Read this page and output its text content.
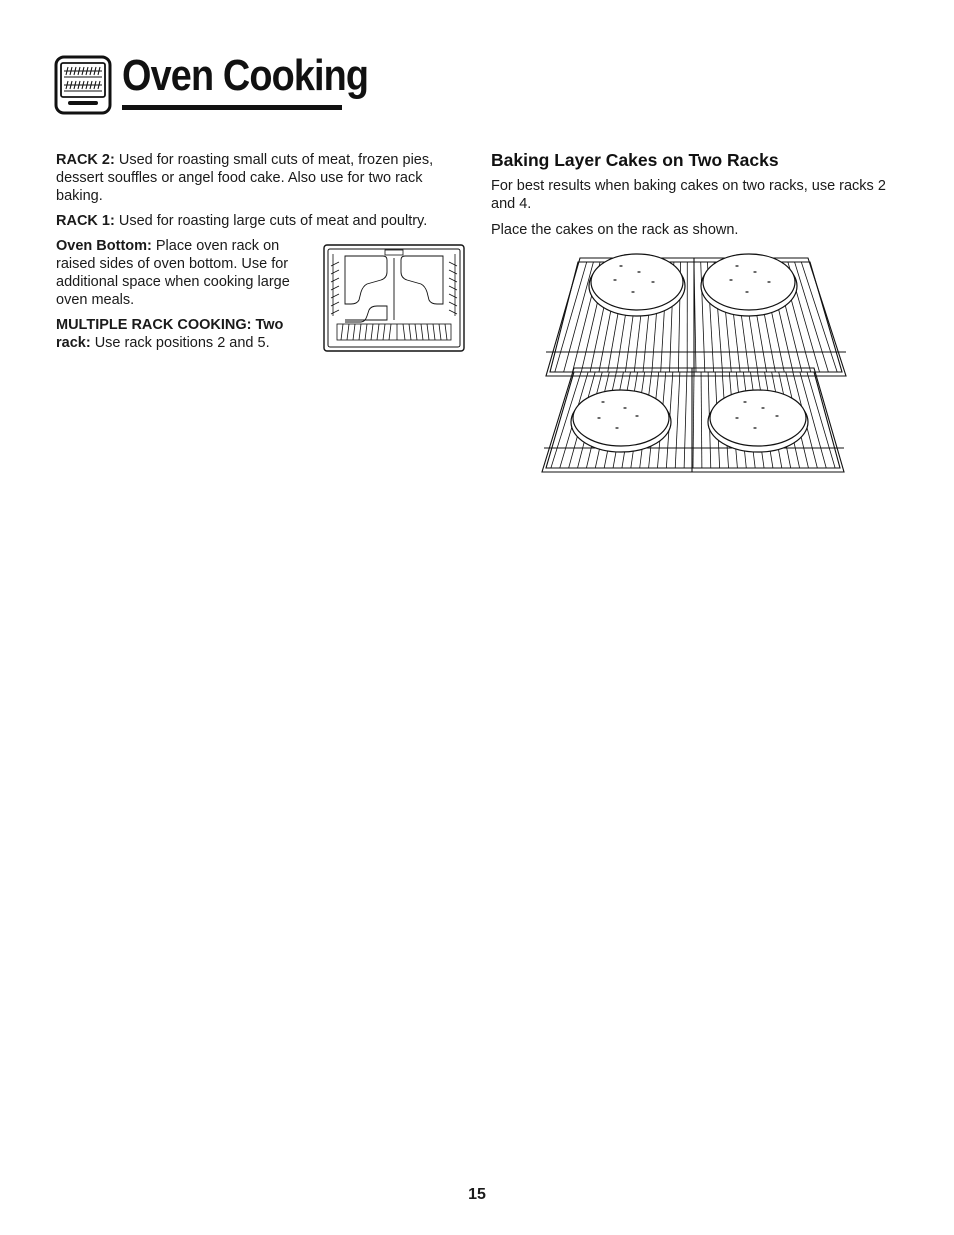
Oven Cooking

RACK 2: Used for roasting small cuts of meat, frozen pies, dessert souffles or angel food cake. Also use for two rack baking.

RACK 1: Used for roasting large cuts of meat and poultry.

Oven Bottom: Place oven rack on raised sides of oven bottom. Use for additional space when cooking large oven meals.

MULTIPLE RACK COOKING: Two rack: Use rack positions 2 and 5.

Baking Layer Cakes on Two Racks

For best results when baking cakes on two racks, use racks 2 and 4.

Place the cakes on the rack as shown.

15
